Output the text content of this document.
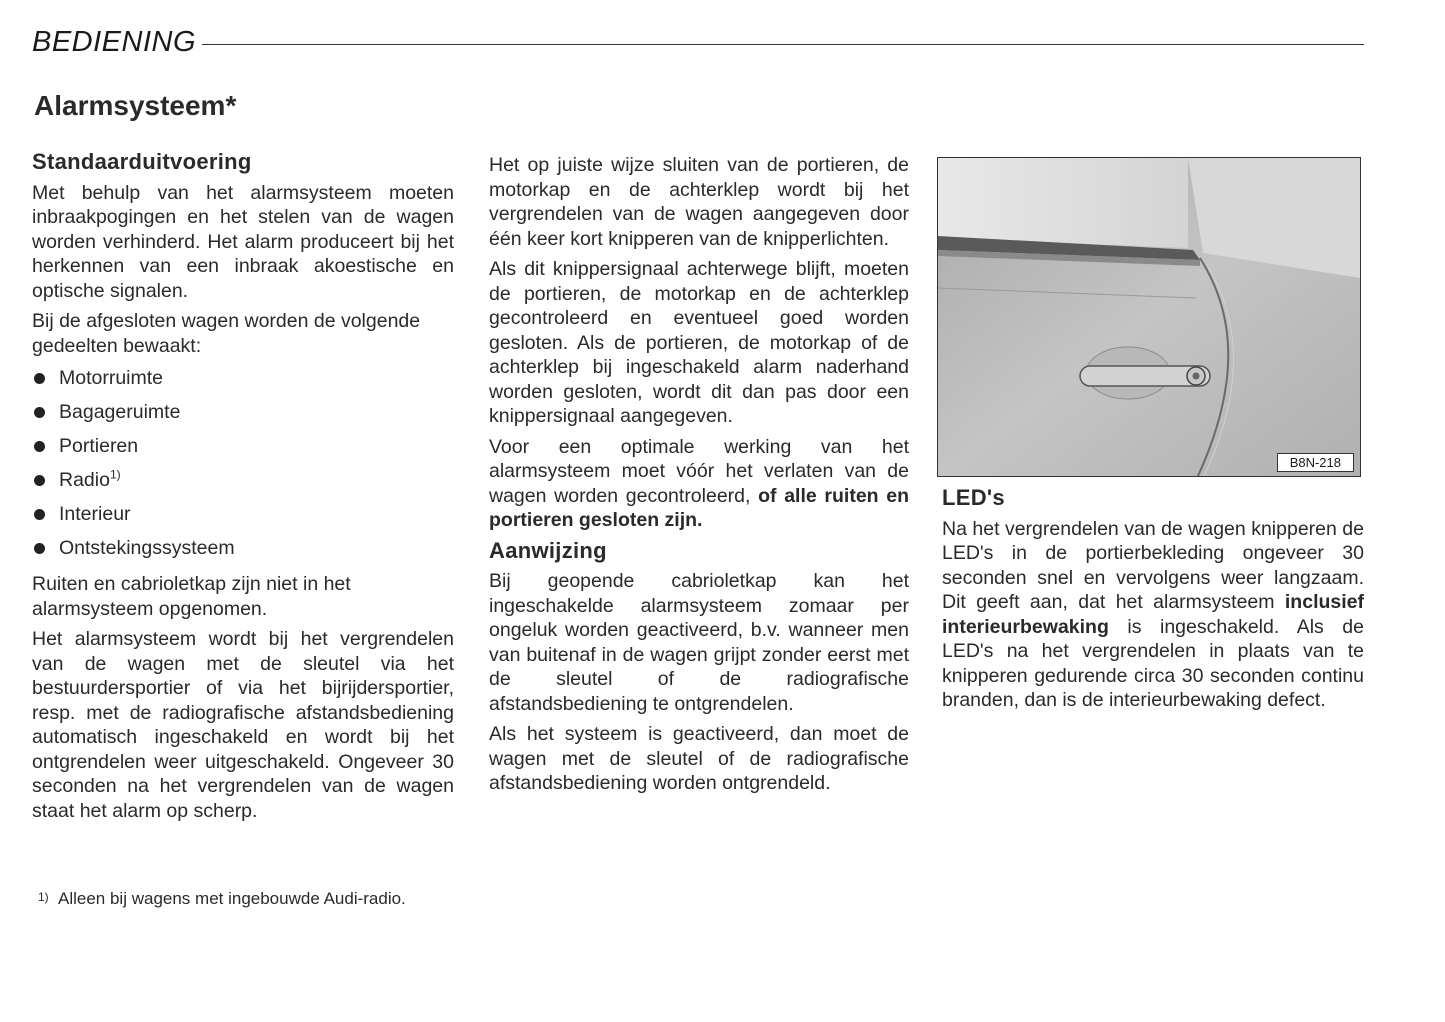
BEDIENING
Alarmsysteem*
Standaarduitvoering

Met behulp van het alarmsysteem moeten inbraakpogingen en het stelen van de wagen worden verhinderd. Het alarm produceert bij het herkennen van een inbraak akoestische en optische signalen.

Bij de afgesloten wagen worden de volgende gedeelten bewaakt:

Motorruimte
Bagageruimte
Portieren
Radio$^{1)}$
Interieur
Ontstekingssysteem

Ruiten en cabrioletkap zijn niet in het alarmsysteem opgenomen.

Het alarmsysteem wordt bij het vergrendelen van de wagen met de sleutel via het bestuurdersportier of via het bijrijdersportier, resp. met de radiografische afstandsbediening automatisch ingeschakeld en wordt bij het ontgrendelen weer uitgeschakeld. Ongeveer 30 seconden na het vergrendelen van de wagen staat het alarm op scherp.

1) Alleen bij wagens met ingebouwde Audi-radio.

Het op juiste wijze sluiten van de portieren, de motorkap en de achterklep wordt bij het vergrendelen van de wagen aangegeven door één keer kort knipperen van de knipperlichten.

Als dit knippersignaal achterwege blijft, moeten de portieren, de motorkap en de achterklep gecontroleerd en eventueel goed worden gesloten. Als de portieren, de motorkap of de achterklep bij ingeschakeld alarm naderhand worden gesloten, wordt dit dan pas door een knippersignaal aangegeven.

Voor een optimale werking van het alarmsysteem moet vóór het verlaten van de wagen worden gecontroleerd, of alle ruiten en portieren gesloten zijn.

Aanwijzing

Bij geopende cabrioletkap kan het ingeschakelde alarmsysteem zomaar per ongeluk worden geactiveerd, b.v. wanneer men van buitenaf in de wagen grijpt zonder eerst met de sleutel of de radiografische afstandsbediening te ontgrendelen.

Als het systeem is geactiveerd, dan moet de wagen met de sleutel of de radiografische afstandsbediening worden ontgrendeld.

B8N-218
LED's

Na het vergrendelen van de wagen knipperen de LED's in de portierbekleding ongeveer 30 seconden snel en vervolgens weer langzaam. Dit geeft aan, dat het alarmsysteem inclusief interieurbewaking is ingeschakeld. Als de LED's na het vergrendelen in plaats van te knipperen gedurende circa 30 seconden continu branden, dan is de interieurbewaking defect.
